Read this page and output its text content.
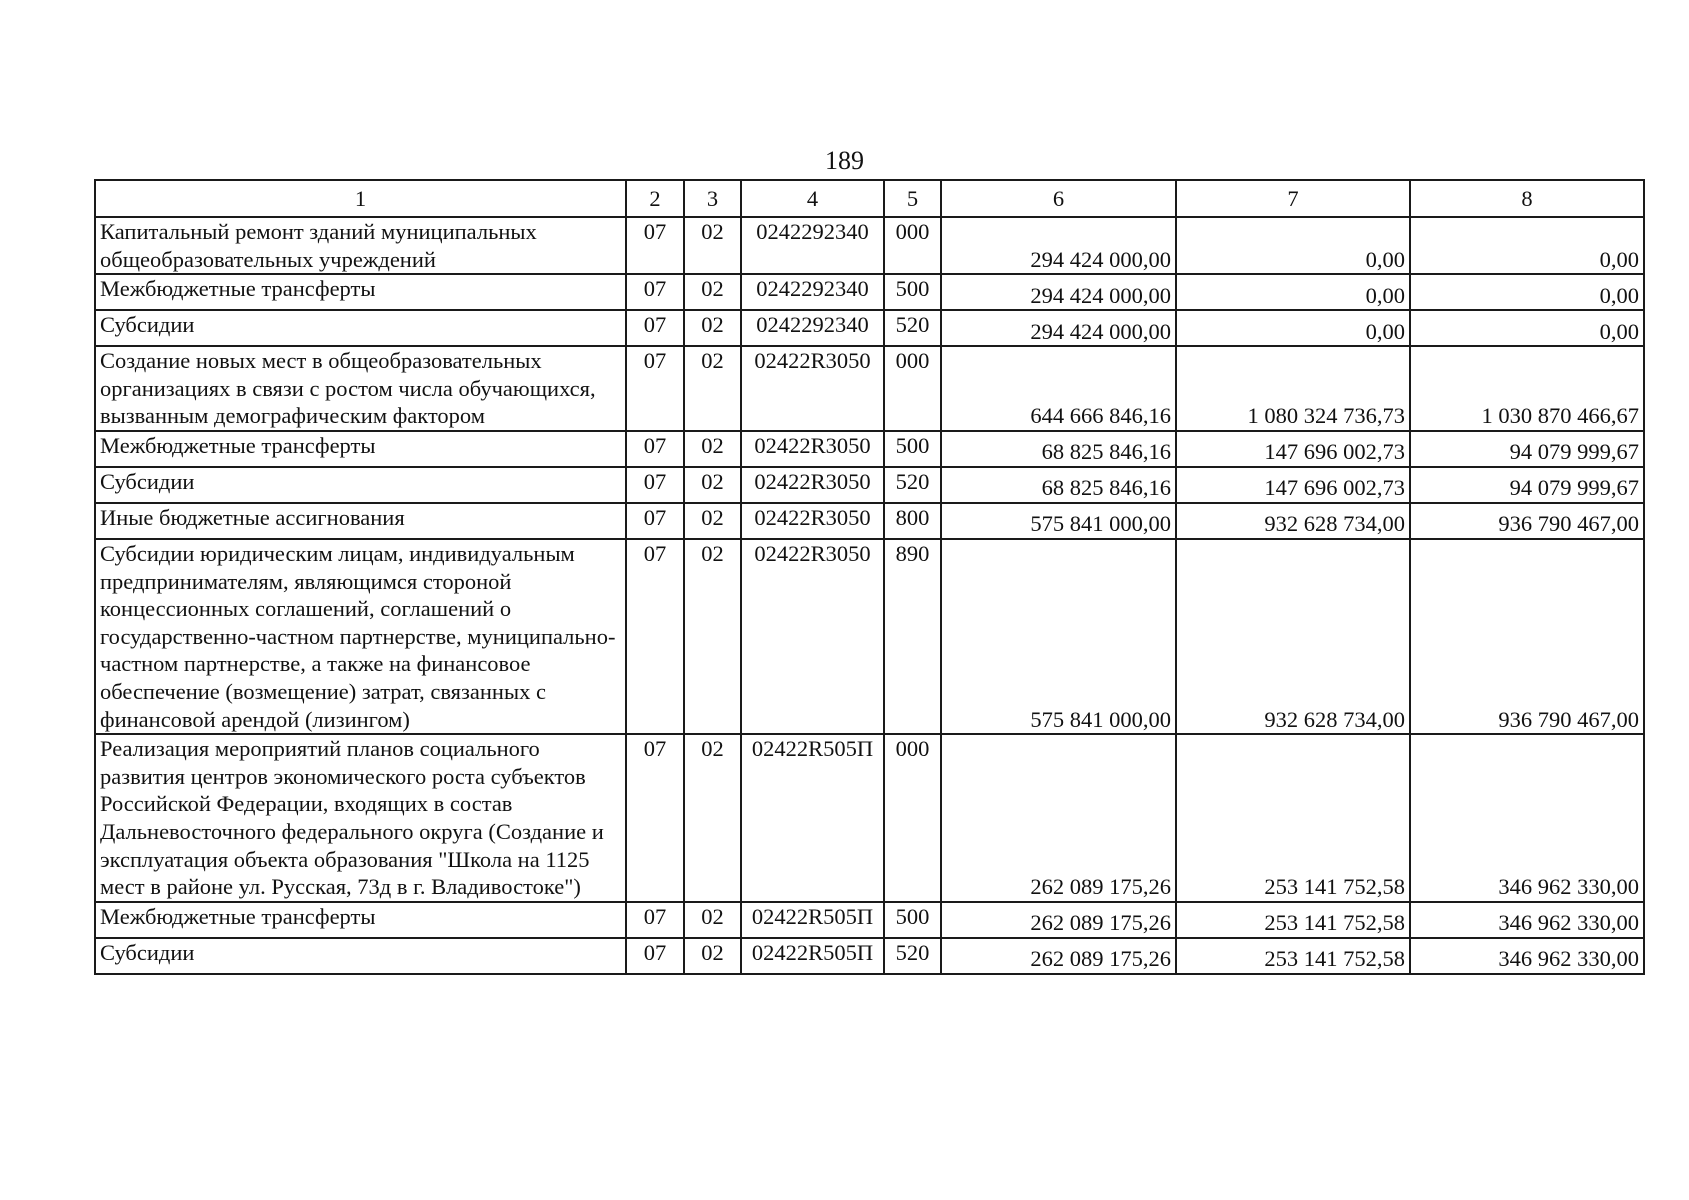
189
1	2	3	4	5	6	7	8
Капитальный ремонт зданий муниципальных общеобразовательных учреждений	07	02	0242292340	000	294 424 000,00	0,00	0,00
Межбюджетные трансферты	07	02	0242292340	500	294 424 000,00	0,00	0,00
Субсидии	07	02	0242292340	520	294 424 000,00	0,00	0,00
Создание новых мест в общеобразовательных организациях в связи с ростом числа обучающихся, вызванным демографическим фактором	07	02	02422R3050	000	644 666 846,16	1 080 324 736,73	1 030 870 466,67
Межбюджетные трансферты	07	02	02422R3050	500	68 825 846,16	147 696 002,73	94 079 999,67
Субсидии	07	02	02422R3050	520	68 825 846,16	147 696 002,73	94 079 999,67
Иные бюджетные ассигнования	07	02	02422R3050	800	575 841 000,00	932 628 734,00	936 790 467,00
Субсидии юридическим лицам, индивидуальным предпринимателям, являющимся стороной концессионных соглашений, соглашений о государственно-частном партнерстве, муниципально-частном партнерстве, а также на финансовое обеспечение (возмещение) затрат, связанных с финансовой арендой (лизингом)	07	02	02422R3050	890	575 841 000,00	932 628 734,00	936 790 467,00
Реализация мероприятий планов социального развития центров экономического роста субъектов Российской Федерации, входящих в состав Дальневосточного федерального округа (Создание и эксплуатация объекта образования "Школа на 1125 мест в районе ул. Русская, 73д в г. Владивостоке")	07	02	02422R505П	000	262 089 175,26	253 141 752,58	346 962 330,00
Межбюджетные трансферты	07	02	02422R505П	500	262 089 175,26	253 141 752,58	346 962 330,00
Субсидии	07	02	02422R505П	520	262 089 175,26	253 141 752,58	346 962 330,00
